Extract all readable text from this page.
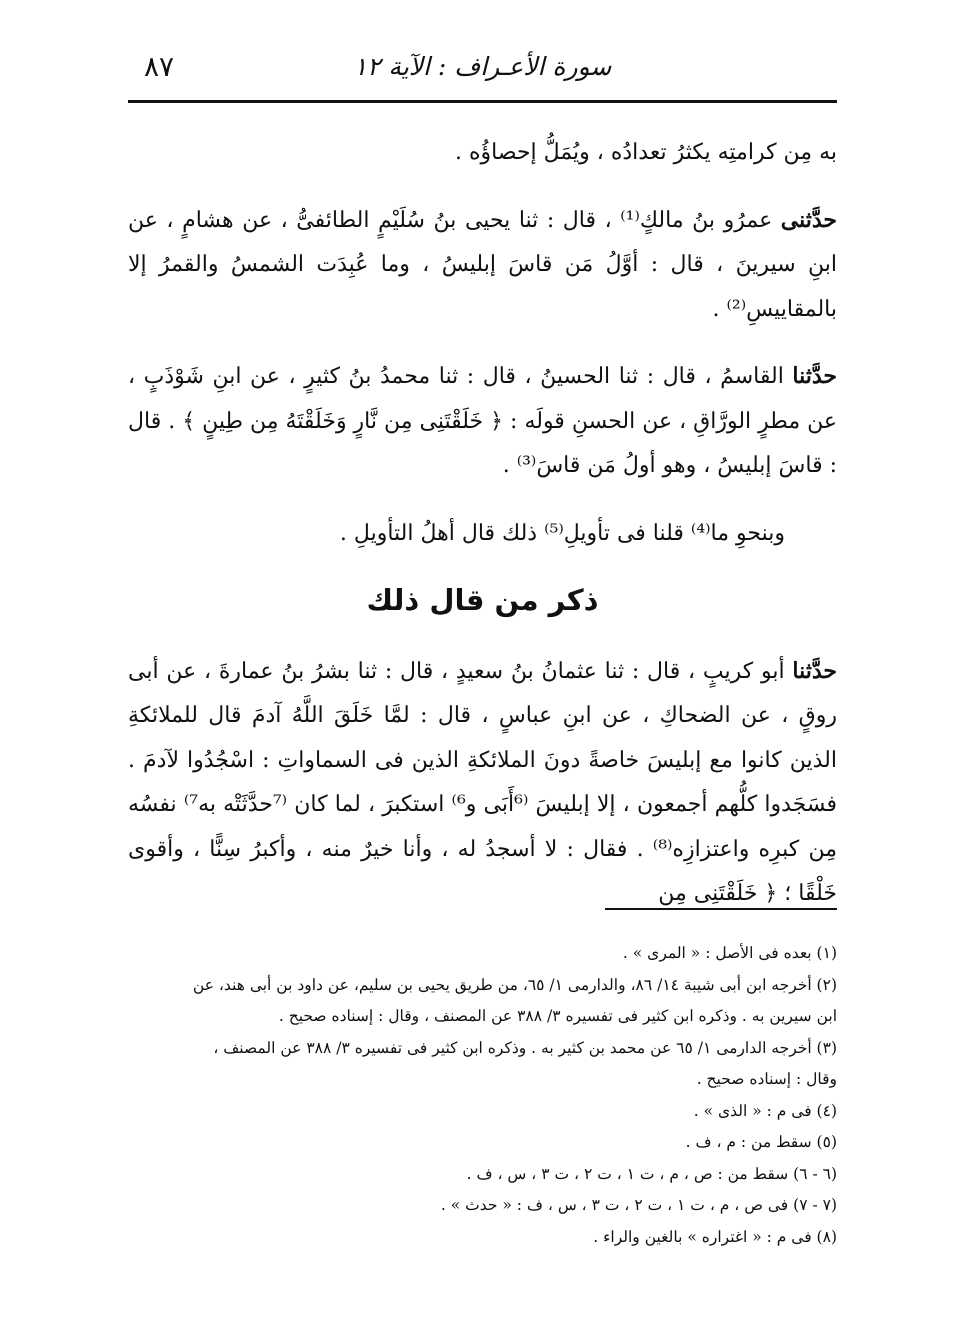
٨٧	سورة الأعـراف : الآية ١٢

به مِن كرامتِه يكثرُ تعدادُه ، ويُمَلُّ إحصاؤُه .

حدَّثنى عمرُو بنُ مالكٍ⁽¹⁾ ، قال : ثنا يحيى بنُ سُلَيْمٍ الطائفىُّ ، عن هشامٍ ، عن ابنِ سيرينَ ، قال : أوَّلُ مَن قاسَ إبليسُ ، وما عُبِدَت الشمسُ والقمرُ إلا بالمقاييسِ⁽²⁾ .

حدَّثنا القاسمُ ، قال : ثنا الحسينُ ، قال : ثنا محمدُ بنُ كثيرٍ ، عن ابنِ شَوْذَبٍ ، عن مطرٍ الورَّاقِ ، عن الحسنِ قولَه : ﴿ خَلَقْتَنِى مِن نَّارٍ وَخَلَقْتَهُ مِن طِينٍ ﴾ . قال : قاسَ إبليسُ ، وهو أولُ مَن قاسَ⁽³⁾ .

وبنحوِ ما⁽⁴⁾ قلنا فى تأويلِ⁽⁵⁾ ذلك قال أهلُ التأويلِ .

ذكر من قال ذلك

حدَّثنا أبو كريبٍ ، قال : ثنا عثمانُ بنُ سعيدٍ ، قال : ثنا بشرُ بنُ عمارةَ ، عن أبى روقٍ ، عن الضحاكِ ، عن ابنِ عباسٍ ، قال : لمَّا خَلَقَ اللَّهُ آدمَ قال للملائكةِ الذين كانوا مع إبليسَ خاصةً دونَ الملائكةِ الذين فى السماواتِ : اسْجُدُوا لآدمَ . فسَجَدوا كلُّهم أجمعون ، إلا إبليسَ ⁽⁶أَبَى و⁶⁾ استكبرَ ، لما كان ⁽⁷حدَّثَتْه به⁷⁾ نفسُه مِن كبرِه واعتزازِه⁽⁸⁾ . فقال : لا أسجدُ له ، وأنا خيرٌ منه ، وأكبرُ سِنًّا ، وأقوى خَلْقًا ؛ ﴿ خَلَقْتَنِى مِن

(١) بعده فى الأصل : « المرى » .

(٢) أخرجه ابن أبى شيبة ١٤/ ٨٦، والدارمى ١/ ٦٥، من طريق يحيى بن سليم، عن داود بن أبى هند، عن
ابن سيرين به . وذكره ابن كثير فى تفسيره ٣/ ٣٨٨ عن المصنف ، وقال : إسناده صحيح .

(٣) أخرجه الدارمى ١/ ٦٥ عن محمد بن كثير به . وذكره ابن كثير فى تفسيره ٣/ ٣٨٨ عن المصنف ،
وقال : إسناده صحيح .

(٤) فى م : « الذى » .

(٥) سقط من : م ، ف .

(٦ - ٦) سقط من : ص ، م ، ت ١ ، ت ٢ ، ت ٣ ، س ، ف .

(٧ - ٧) فى ص ، م ، ت ١ ، ت ٢ ، ت ٣ ، س ، ف : « حدث » .

(٨) فى م : « اغتراره » بالغين والراء .
